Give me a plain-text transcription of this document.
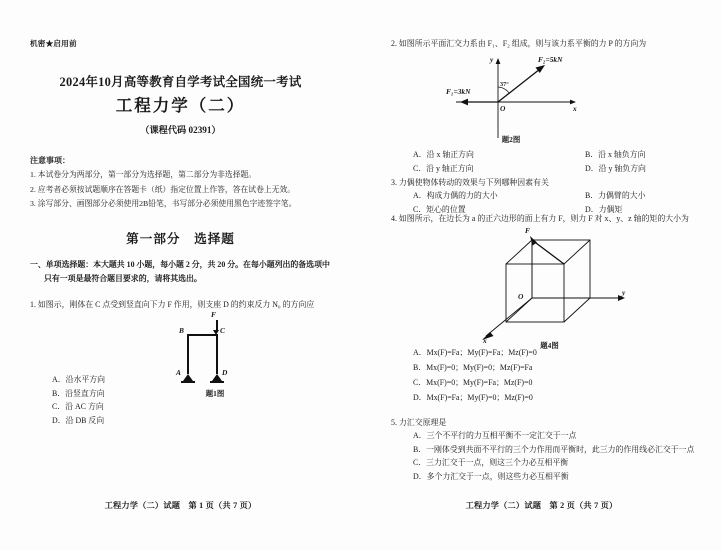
机密★启用前
2024年10月高等教育自学考试全国统一考试
工程力学（二）
（课程代码 02391）
注意事项：
1. 本试卷分为两部分，第一部分为选择题，第二部分为非选择题。
2. 应考者必须按试题顺序在答题卡（纸）指定位置上作答，答在试卷上无效。
3. 涂写部分、画图部分必须使用2B铅笔，书写部分必须使用黑色字迹签字笔。
第一部分　选择题
一、单项选择题：本大题共 10 小题，每小题 2 分，共 20 分。在每小题列出的备选项中
只有一项是最符合题目要求的，请将其选出。
1. 如图示，刚体在 C 点受到竖直向下力 F 作用，则支座 D 的约束反力 N₀ 的方向应
F
B	C
A	D
题1图
A．沿水平方向
B．沿竖直方向
C．沿 AC 方向
D．沿 DB 反向
工程力学（二）试题　第 1 页（共 7 页）
2. 如图所示平面汇交力系由 F₁、F₂ 组成，则与该力系平衡的力 P 的方向为
y
x
O
F₁=3kN
F₂=5kN
37°
题2图
A．沿 x 轴正方向	B．沿 x 轴负方向
C．沿 y 轴正方向	D．沿 y 轴负方向
3. 力偶使物体转动的效果与下列哪种因素有关
A．构成力偶的力的大小	B．力偶臂的大小
C．矩心的位置	D．力偶矩
4. 如图所示，在边长为 a 的正六边形的面上有力 F，则力 F 对 x、y、z 轴的矩的大小为
F
y
x
O
题4图
A．Mx(F)=Fa；My(F)=Fa；Mz(F)=0
B．Mx(F)=0；My(F)=0；Mz(F)=Fa
C．Mx(F)=0；My(F)=Fa；Mz(F)=0
D．Mx(F)=Fa；My(F)=0；Mz(F)=0
5. 力汇交原理是
A．三个不平行的力互相平衡不一定汇交于一点
B．一刚体受到共面不平行的三个力作用而平衡时，此三力的作用线必汇交于一点
C．三力汇交于一点，则这三个力必互相平衡
D．多个力汇交于一点，则这些力必互相平衡
工程力学（二）试题　第 2 页（共 7 页）
